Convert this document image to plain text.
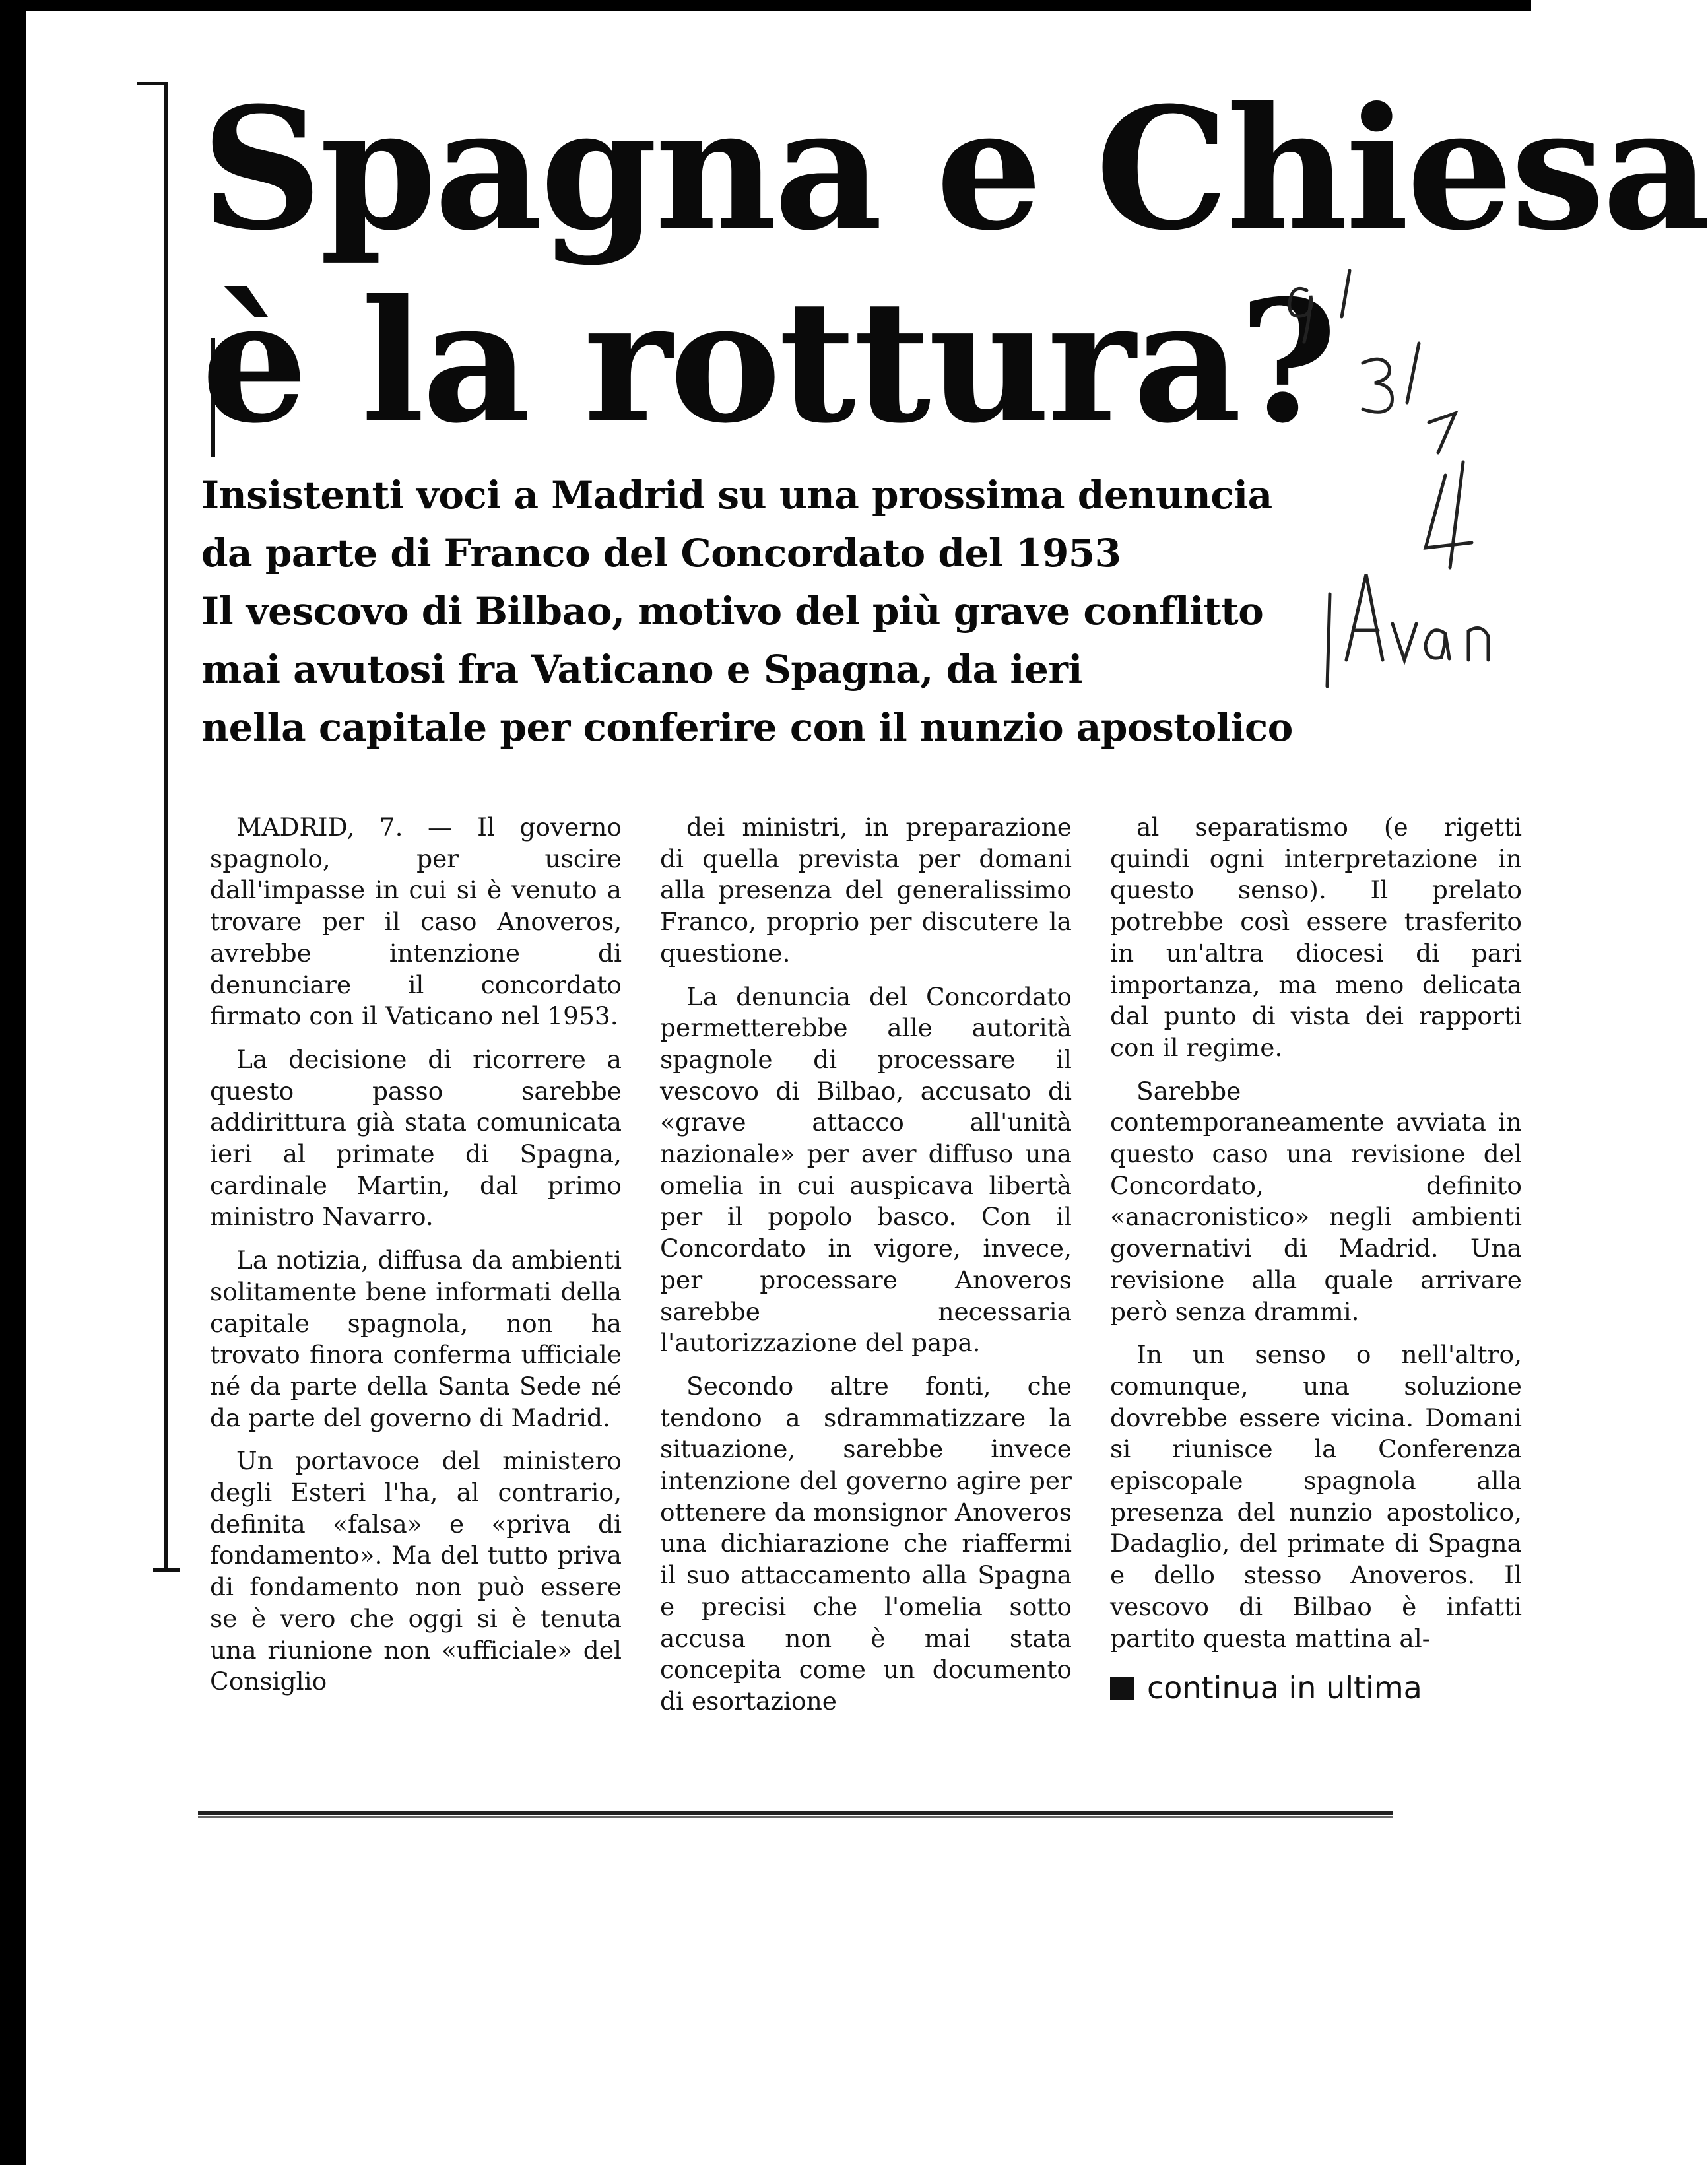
Spagna e Chiesa
è la rottura?
Insistenti voci a Madrid su una prossima denuncia
da parte di Franco del Concordato del 1953
Il vescovo di Bilbao, motivo del più grave conflitto
mai avutosi fra Vaticano e Spagna, da ieri
nella capitale per conferire con il nunzio apostolico

MADRID, 7. — Il governo spagnolo, per uscire dall'impasse in cui si è venuto a trovare per il caso Anoveros, avrebbe intenzione di denunciare il concordato firmato con il Vaticano nel 1953.

La decisione di ricorrere a questo passo sarebbe addirittura già stata comunicata ieri al primate di Spagna, cardinale Martin, dal primo ministro Navarro.

La notizia, diffusa da ambienti solitamente bene informati della capitale spagnola, non ha trovato finora conferma ufficiale né da parte della Santa Sede né da parte del governo di Madrid.

Un portavoce del ministero degli Esteri l'ha, al contrario, definita «falsa» e «priva di fondamento». Ma del tutto priva di fondamento non può essere se è vero che oggi si è tenuta una riunione non «ufficiale» del Consiglio

dei ministri, in preparazione di quella prevista per domani alla presenza del generalissimo Franco, proprio per discutere la questione.

La denuncia del Concordato permetterebbe alle autorità spagnole di processare il vescovo di Bilbao, accusato di «grave attacco all'unità nazionale» per aver diffuso una omelia in cui auspicava libertà per il popolo basco. Con il Concordato in vigore, invece, per processare Anoveros sarebbe necessaria l'autorizzazione del papa.

Secondo altre fonti, che tendono a sdrammatizzare la situazione, sarebbe invece intenzione del governo agire per ottenere da monsignor Anoveros una dichiarazione che riaffermi il suo attaccamento alla Spagna e precisi che l'omelia sotto accusa non è mai stata concepita come un documento di esortazione

al separatismo (e rigetti quindi ogni interpretazione in questo senso). Il prelato potrebbe così essere trasferito in un'altra diocesi di pari importanza, ma meno delicata dal punto di vista dei rapporti con il regime.

Sarebbe contemporaneamente avviata in questo caso una revisione del Concordato, definito «anacronistico» negli ambienti governativi di Madrid. Una revisione alla quale arrivare però senza drammi.

In un senso o nell'altro, comunque, una soluzione dovrebbe essere vicina. Domani si riunisce la Conferenza episcopale spagnola alla presenza del nunzio apostolico, Dadaglio, del primate di Spagna e dello stesso Anoveros. Il vescovo di Bilbao è infatti partito questa mattina al-

continua in ultima
